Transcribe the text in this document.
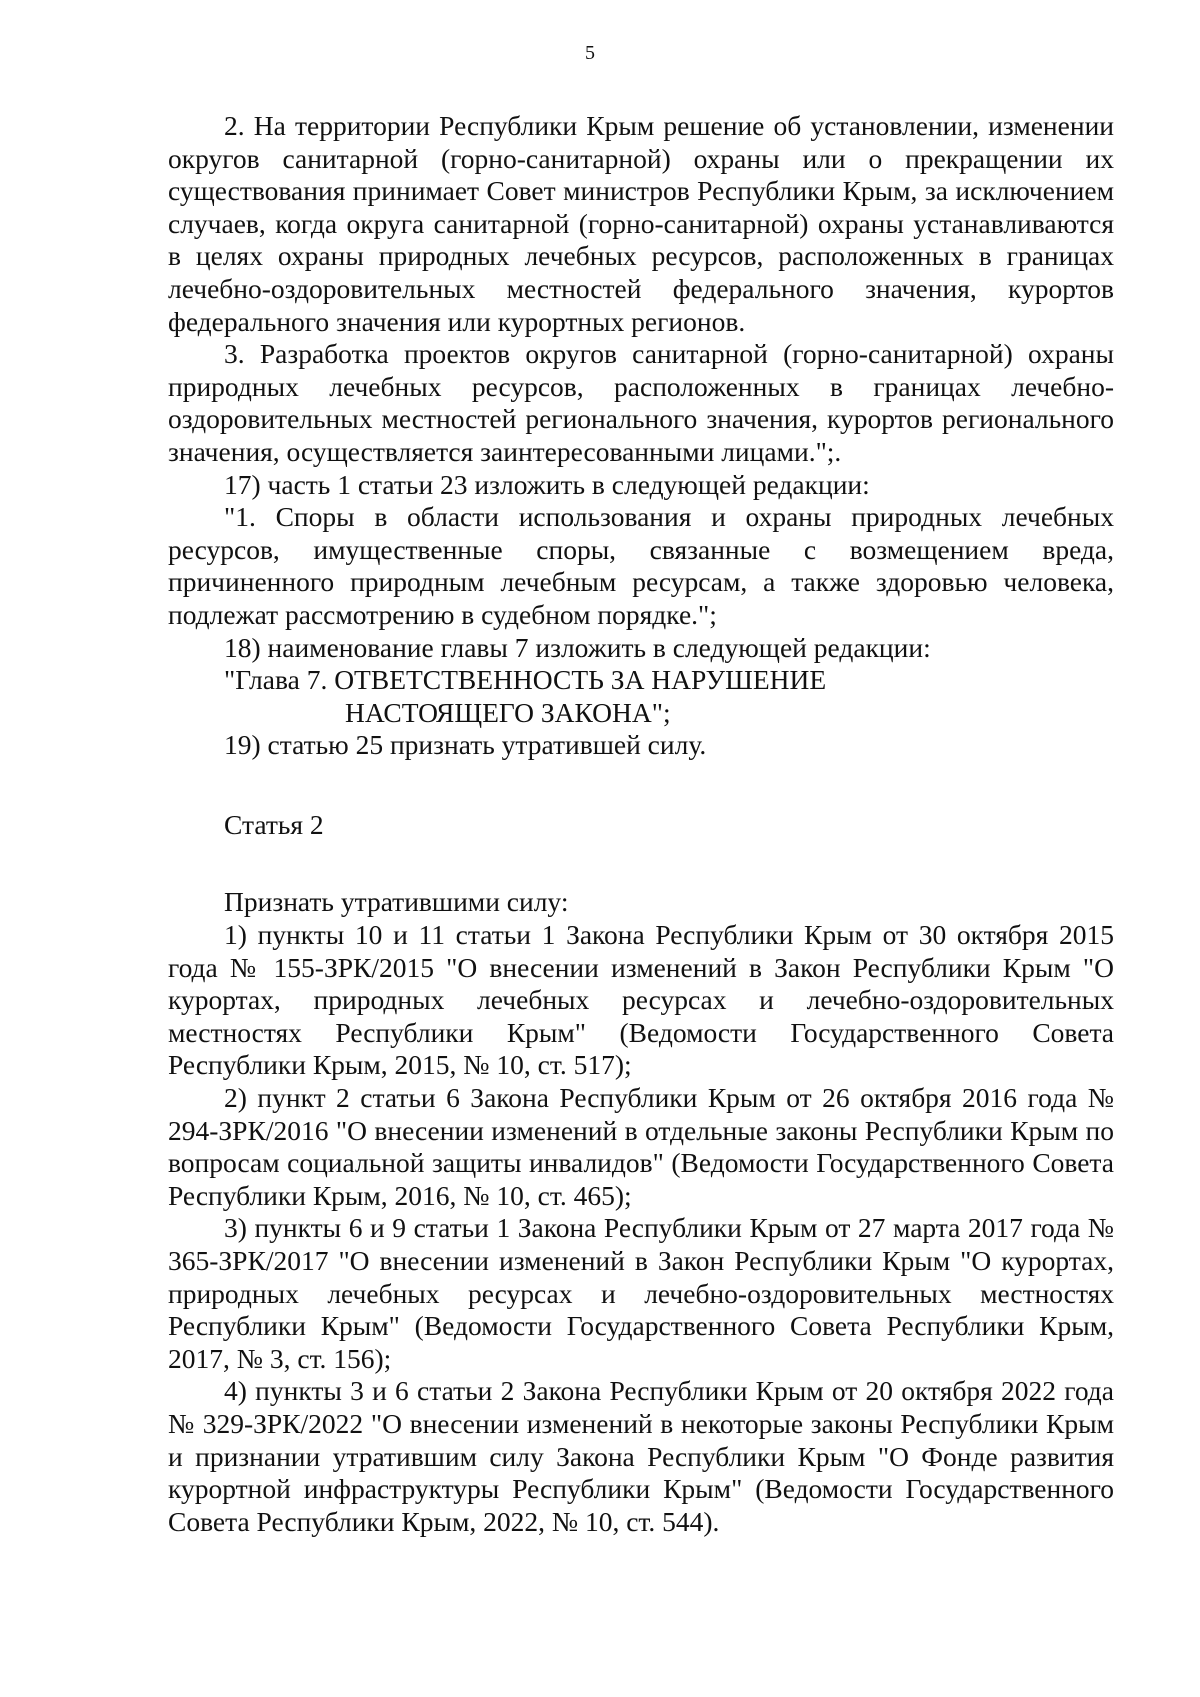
5

2. На территории Республики Крым решение об установлении, изменении округов санитарной (горно-санитарной) охраны или о прекращении их существования принимает Совет министров Республики Крым, за исключением случаев, когда округа санитарной (горно-санитарной) охраны устанавливаются в целях охраны природных лечебных ресурсов, расположенных в границах лечебно-оздоровительных местностей федерального значения, курортов федерального значения или курортных регионов.

3. Разработка проектов округов санитарной (горно-санитарной) охраны природных лечебных ресурсов, расположенных в границах лечебно-оздоровительных местностей регионального значения, курортов регионального значения, осуществляется заинтересованными лицами.";.

17) часть 1 статьи 23 изложить в следующей редакции:

"1. Споры в области использования и охраны природных лечебных ресурсов, имущественные споры, связанные с возмещением вреда, причиненного природным лечебным ресурсам, а также здоровью человека, подлежат рассмотрению в судебном порядке.";

18) наименование главы 7 изложить в следующей редакции:

"Глава 7. ОТВЕТСТВЕННОСТЬ ЗА НАРУШЕНИЕ
НАСТОЯЩЕГО ЗАКОНА";

19) статью 25 признать утратившей силу.

Статья 2

Признать утратившими силу:

1) пункты 10 и 11 статьи 1 Закона Республики Крым от 30 октября 2015 года № 155-ЗРК/2015 "О внесении изменений в Закон Республики Крым "О курортах, природных лечебных ресурсах и лечебно-оздоровительных местностях Республики Крым" (Ведомости Государственного Совета Республики Крым, 2015, № 10, ст. 517);

2) пункт 2 статьи 6 Закона Республики Крым от 26 октября 2016 года № 294-ЗРК/2016 "О внесении изменений в отдельные законы Республики Крым по вопросам социальной защиты инвалидов" (Ведомости Государственного Совета Республики Крым, 2016, № 10, ст. 465);

3) пункты 6 и 9 статьи 1 Закона Республики Крым от 27 марта 2017 года № 365-ЗРК/2017 "О внесении изменений в Закон Республики Крым "О курортах, природных лечебных ресурсах и лечебно-оздоровительных местностях Республики Крым" (Ведомости Государственного Совета Республики Крым, 2017, № 3, ст. 156);

4) пункты 3 и 6 статьи 2 Закона Республики Крым от 20 октября 2022 года № 329-ЗРК/2022 "О внесении изменений в некоторые законы Республики Крым и признании утратившим силу Закона Республики Крым "О Фонде развития курортной инфраструктуры Республики Крым" (Ведомости Государственного Совета Республики Крым, 2022, № 10, ст. 544).
